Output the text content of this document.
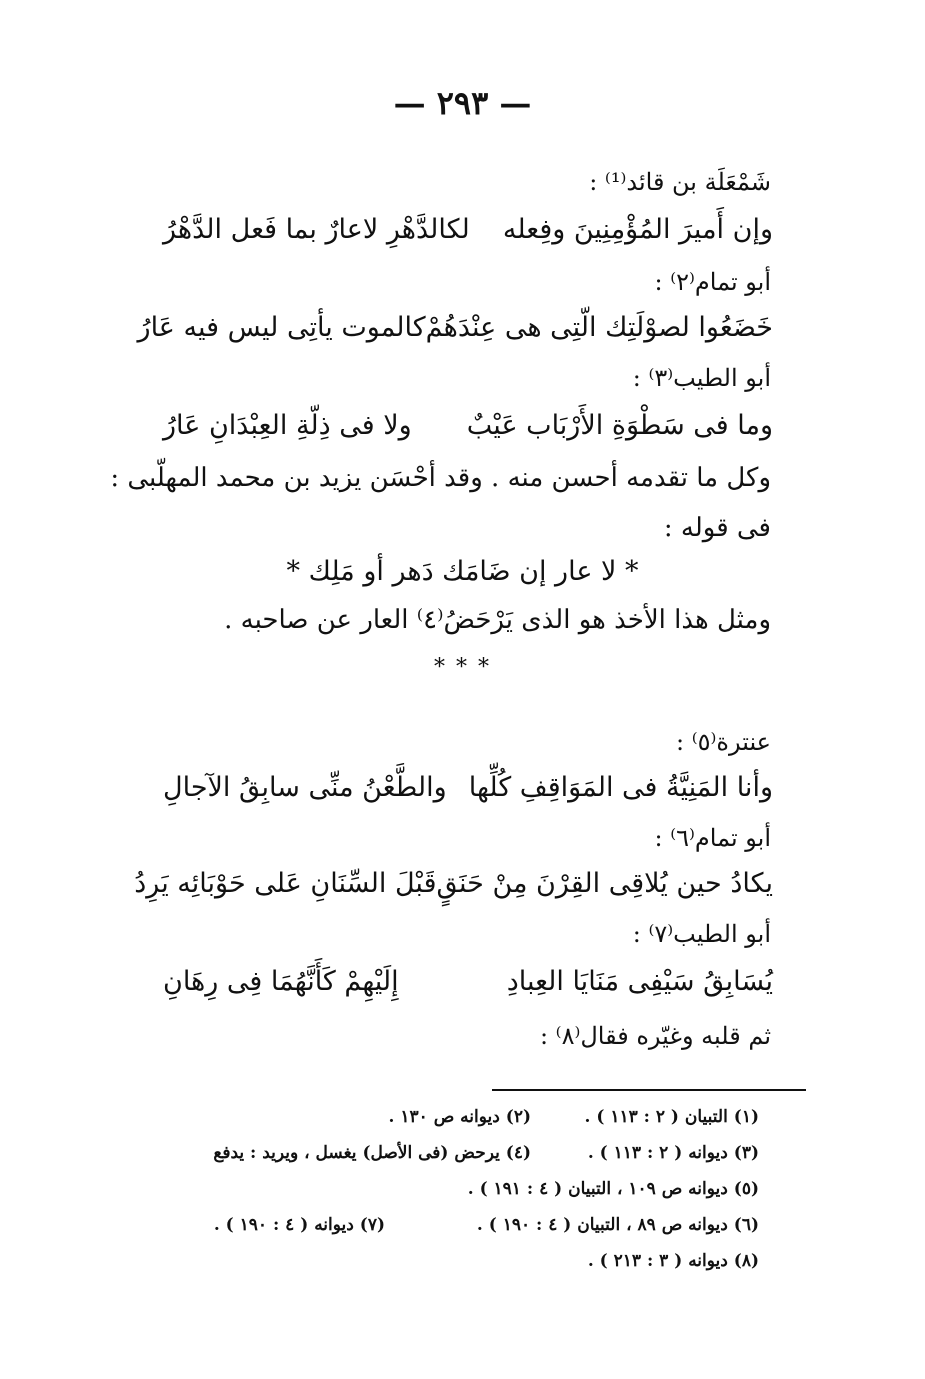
— ٢٩٣ —
شَمْعَلَة بن قائد⁽¹⁾ :
وإن أَميرَ المُؤْمِنِينَ وفِعله
لكالدَّهْرِ لاعارٌ بما فَعل الدَّهْرُ
أبو تمام⁽٢⁾ :
خَضَعُوا لصوْلَتِك الّتِى هى عِنْدَهُمْ
كالموت يأتِى ليس فيه عَارُ
أبو الطيب⁽٣⁾ :
وما فى سَطْوَةِ الأَرْبَاب عَيْبٌ
ولا فى ذِلّةِ العِبْدَانِ عَارُ
وكل ما تقدمه أحسن منه . وقد أحْسَن يزيد بن محمد المهلّبى :
فى قوله :
* لا عار إن ضَامَك دَهر أو مَلِك *
ومثل هذا الأخذ هو الذى يَرْحَضُ⁽٤⁾ العار عن صاحبه .
* * *
عنترة⁽٥⁾ :
وأنا المَنِيَّةُ فى المَوَاقِفِ كُلِّها
والطَّعْنُ منِّى سابِقُ الآجالِ
أبو تمام⁽٦⁾ :
يكادُ حين يُلاقِى القِرْنَ مِنْ حَنَقٍ
قَبْلَ السِّنَانِ عَلى حَوْبَائِه يَرِدُ
أبو الطيب⁽٧⁾ :
يُسَابِقُ سَيْفِى مَنَايَا العِبادِ
إِلَيْهِمْ كَأَنَّهُمَا فِى رِهَانِ
ثم قلبه وغيّره فقال⁽٨⁾ :
(١) التبيان ( ٢ : ١١٣ ) .
(٢) ديوانه ص ١٣٠ .
(٣) ديوانه ( ٢ : ١١٣ ) .
(٤) يرحض (فى الأصل) يغسل ، ويريد : يدفع
(٥) ديوانه ص ١٠٩ ، التبيان ( ٤ : ١٩١ ) .
(٦) ديوانه ص ٨٩ ، التبيان ( ٤ : ١٩٠ ) .
(٧) ديوانه ( ٤ : ١٩٠ ) .
(٨) ديوانه ( ٣ : ٢١٣ ) .
